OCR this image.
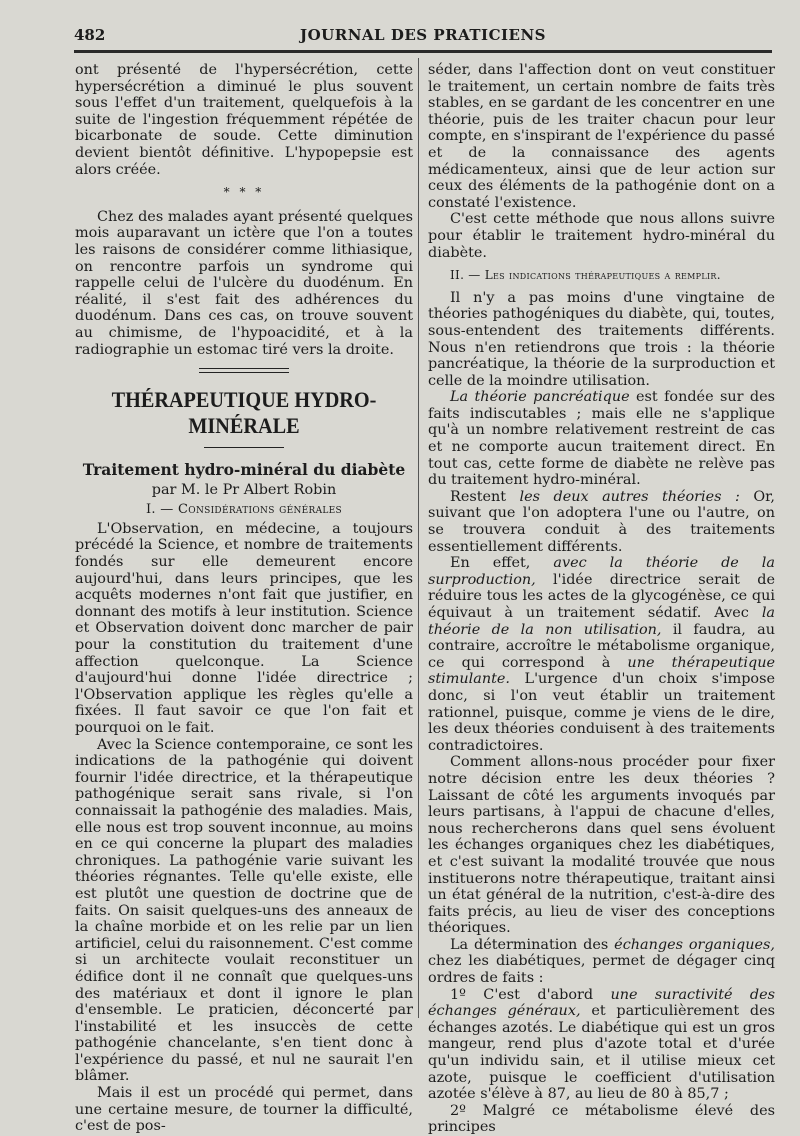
482	JOURNAL DES PRATICIENS

ont présenté de l'hypersécrétion, cette hypersécrétion a diminué le plus souvent sous l'effet d'un traitement, quelquefois à la suite de l'ingestion fréquemment répétée de bicarbonate de soude. Cette diminution devient bientôt définitive. L'hypopepsie est alors créée.

* * *

Chez des malades ayant présenté quelques mois auparavant un ictère que l'on a toutes les raisons de considérer comme lithiasique, on rencontre parfois un syndrome qui rappelle celui de l'ulcère du duodénum. En réalité, il s'est fait des adhérences du duodénum. Dans ces cas, on trouve souvent au chimisme, de l'hypoacidité, et à la radiographie un estomac tiré vers la droite.

THÉRAPEUTIQUE HYDRO-MINÉRALE
Traitement hydro-minéral du diabète
par M. le Pr Albert Robin
I. — Considérations générales

L'Observation, en médecine, a toujours précédé la Science, et nombre de traitements fondés sur elle demeurent encore aujourd'hui, dans leurs principes, que les acquêts modernes n'ont fait que justifier, en donnant des motifs à leur institution. Science et Observation doivent donc marcher de pair pour la constitution du traitement d'une affection quelconque. La Science d'aujourd'hui donne l'idée directrice ; l'Observation applique les règles qu'elle a fixées. Il faut savoir ce que l'on fait et pourquoi on le fait.

Avec la Science contemporaine, ce sont les indications de la pathogénie qui doivent fournir l'idée directrice, et la thérapeutique pathogénique serait sans rivale, si l'on connaissait la pathogénie des maladies. Mais, elle nous est trop souvent inconnue, au moins en ce qui concerne la plupart des maladies chroniques. La pathogénie varie suivant les théories régnantes. Telle qu'elle existe, elle est plutôt une question de doctrine que de faits. On saisit quelques-uns des anneaux de la chaîne morbide et on les relie par un lien artificiel, celui du raisonnement. C'est comme si un architecte voulait reconstituer un édifice dont il ne connaît que quelques-uns des matériaux et dont il ignore le plan d'ensemble. Le praticien, déconcerté par l'instabilité et les insuccès de cette pathogénie chancelante, s'en tient donc à l'expérience du passé, et nul ne saurait l'en blâmer.

Mais il est un procédé qui permet, dans une certaine mesure, de tourner la difficulté, c'est de pos-

séder, dans l'affection dont on veut constituer le traitement, un certain nombre de faits très stables, en se gardant de les concentrer en une théorie, puis de les traiter chacun pour leur compte, en s'inspirant de l'expérience du passé et de la connaissance des agents médicamenteux, ainsi que de leur action sur ceux des éléments de la pathogénie dont on a constaté l'existence.

C'est cette méthode que nous allons suivre pour établir le traitement hydro-minéral du diabète.

II. — Les indications thérapeutiques a remplir.

Il n'y a pas moins d'une vingtaine de théories pathogéniques du diabète, qui, toutes, sous-entendent des traitements différents. Nous n'en retiendrons que trois : la théorie pancréatique, la théorie de la surproduction et celle de la moindre utilisation.

La théorie pancréatique est fondée sur des faits indiscutables ; mais elle ne s'applique qu'à un nombre relativement restreint de cas et ne comporte aucun traitement direct. En tout cas, cette forme de diabète ne relève pas du traitement hydro-minéral.

Restent les deux autres théories : Or, suivant que l'on adoptera l'une ou l'autre, on se trouvera conduit à des traitements essentiellement différents.

En effet, avec la théorie de la surproduction, l'idée directrice serait de réduire tous les actes de la glycogénèse, ce qui équivaut à un traitement sédatif. Avec la théorie de la non utilisation, il faudra, au contraire, accroître le métabolisme organique, ce qui correspond à une thérapeutique stimulante. L'urgence d'un choix s'impose donc, si l'on veut établir un traitement rationnel, puisque, comme je viens de le dire, les deux théories conduisent à des traitements contradictoires.

Comment allons-nous procéder pour fixer notre décision entre les deux théories ? Laissant de côté les arguments invoqués par leurs partisans, à l'appui de chacune d'elles, nous rechercherons dans quel sens évoluent les échanges organiques chez les diabétiques, et c'est suivant la modalité trouvée que nous instituerons notre thérapeutique, traitant ainsi un état général de la nutrition, c'est-à-dire des faits précis, au lieu de viser des conceptions théoriques.

La détermination des échanges organiques, chez les diabétiques, permet de dégager cinq ordres de faits :

1º C'est d'abord une suractivité des échanges généraux, et particulièrement des échanges azotés. Le diabétique qui est un gros mangeur, rend plus d'azote total et d'urée qu'un individu sain, et il utilise mieux cet azote, puisque le coefficient d'utilisation azotée s'élève à 87, au lieu de 80 à 85,7 ;

2º Malgré ce métabolisme élevé des principes
